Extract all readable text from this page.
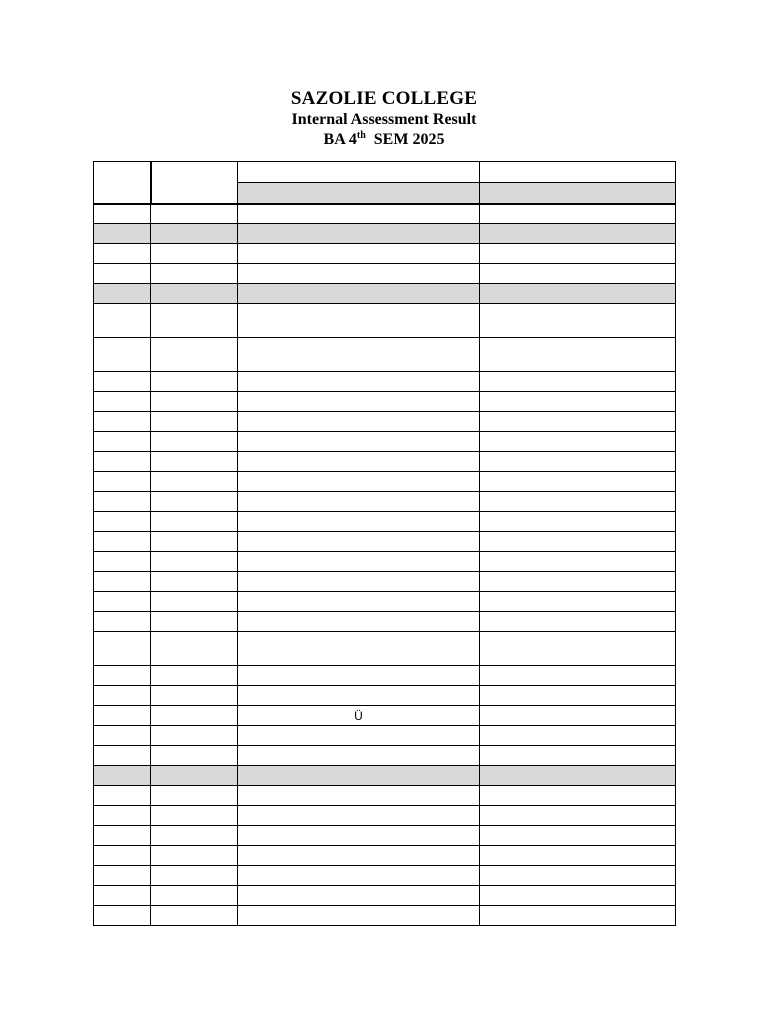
SAZOLIE COLLEGE
Internal Assessment Result
BA 4th SEM 2025

		Ü	
